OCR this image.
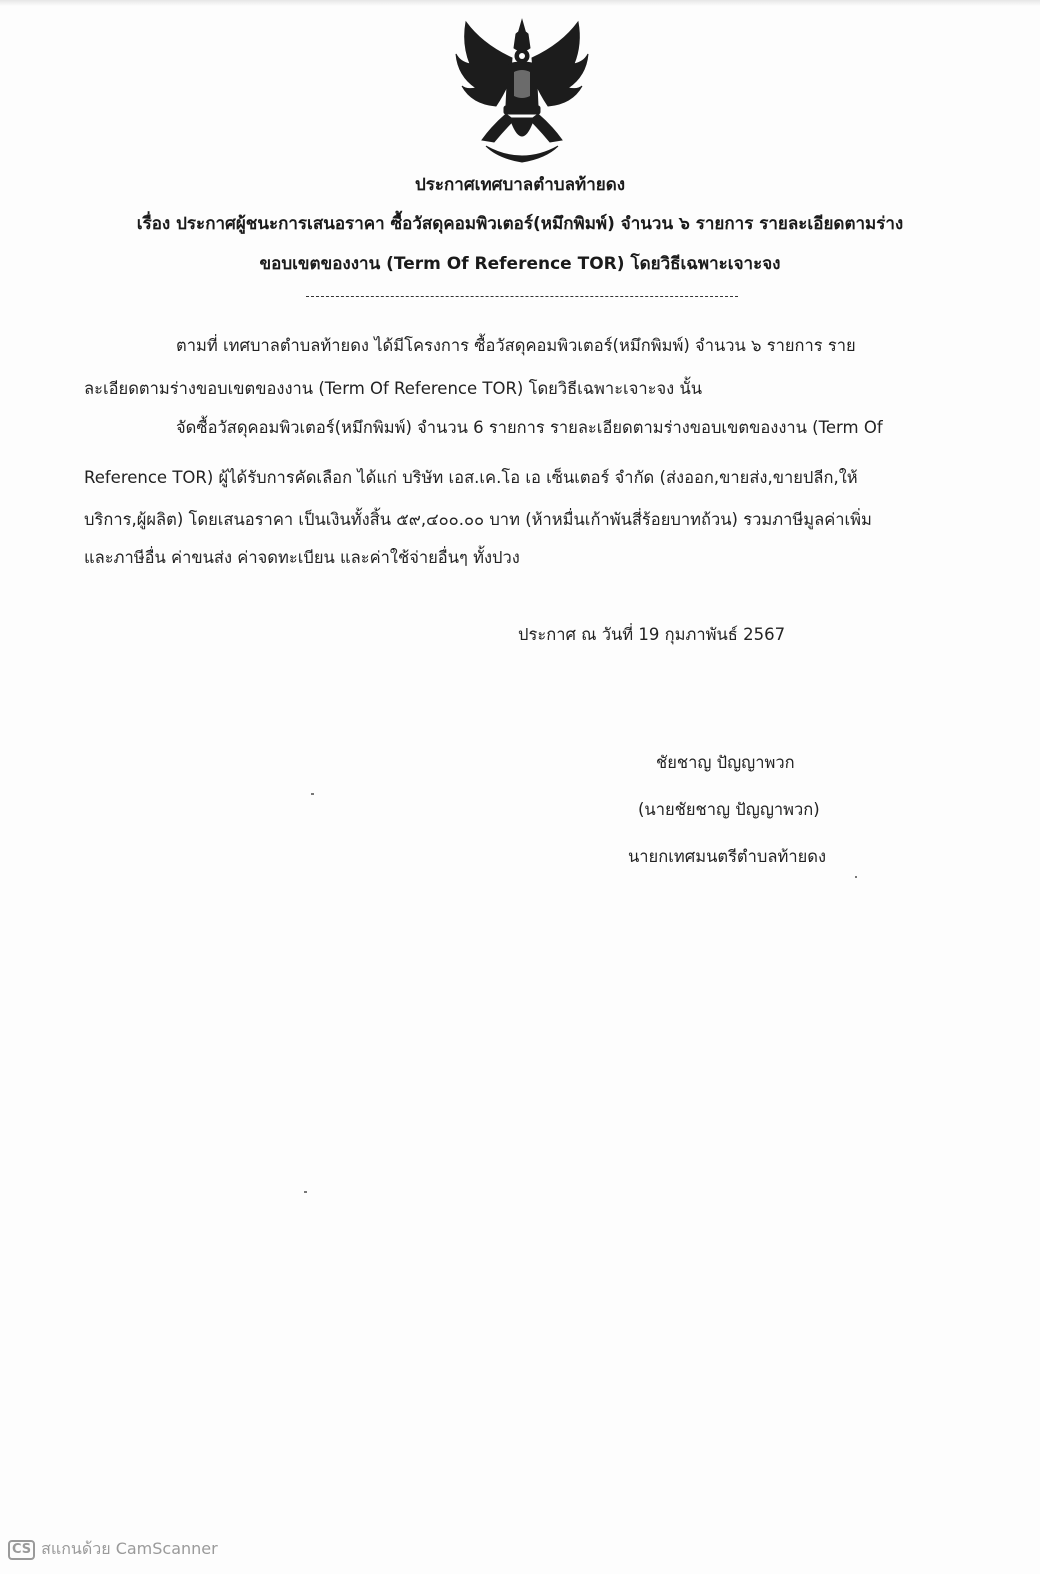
ประกาศเทศบาลตำบลท้ายดง
เรื่อง ประกาศผู้ชนะการเสนอราคา ซื้อวัสดุคอมพิวเตอร์(หมึกพิมพ์) จำนวน ๖ รายการ รายละเอียดตามร่าง
ขอบเขตของงาน (Term Of Reference TOR) โดยวิธีเฉพาะเจาะจง
ตามที่ เทศบาลตำบลท้ายดง ได้มีโครงการ ซื้อวัสดุคอมพิวเตอร์(หมึกพิมพ์) จำนวน ๖ รายการ ราย
ละเอียดตามร่างขอบเขตของงาน (Term Of Reference TOR) โดยวิธีเฉพาะเจาะจง นั้น
จัดซื้อวัสดุคอมพิวเตอร์(หมึกพิมพ์) จำนวน 6 รายการ รายละเอียดตามร่างขอบเขตของงาน (Term Of
Reference TOR) ผู้ได้รับการคัดเลือก ได้แก่ บริษัท เอส.เค.โอ เอ เซ็นเตอร์ จำกัด (ส่งออก,ขายส่ง,ขายปลีก,ให้
บริการ,ผู้ผลิต) โดยเสนอราคา เป็นเงินทั้งสิ้น ๕๙,๔๐๐.๐๐ บาท (ห้าหมื่นเก้าพันสี่ร้อยบาทถ้วน) รวมภาษีมูลค่าเพิ่ม
และภาษีอื่น ค่าขนส่ง ค่าจดทะเบียน และค่าใช้จ่ายอื่นๆ ทั้งปวง
ประกาศ ณ วันที่ 19 กุมภาพันธ์ 2567
ชัยชาญ ปัญญาพวก
(นายชัยชาญ ปัญญาพวก)
นายกเทศมนตรีตำบลท้ายดง
CS สแกนด้วย CamScanner
